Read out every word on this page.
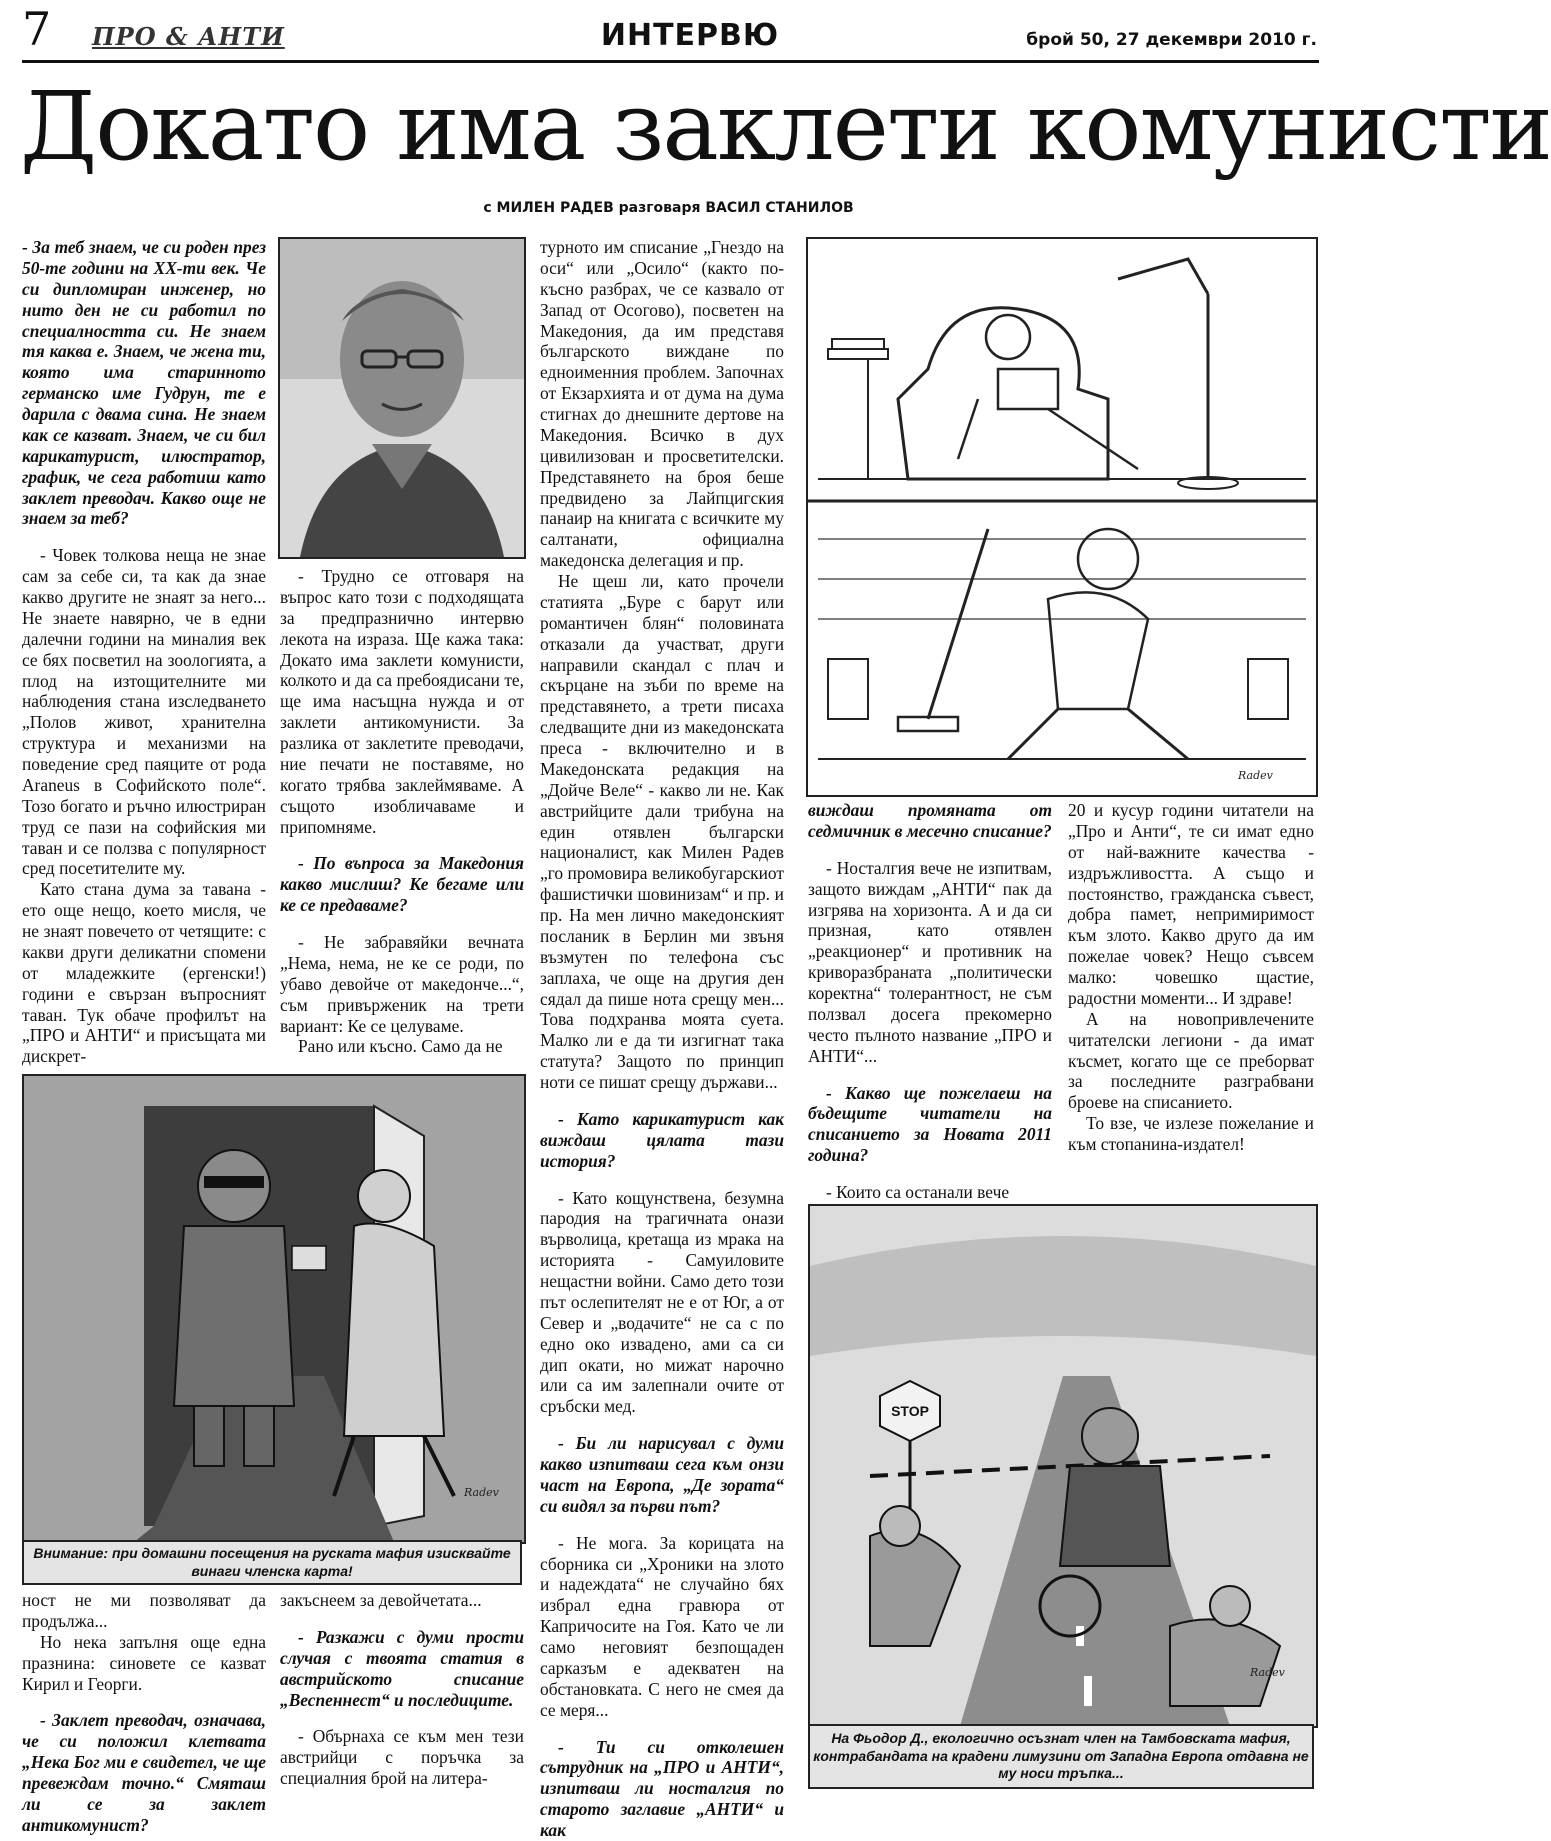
7 ПРО & АНТИ	ИНТЕРВЮ	брой 50, 27 декември 2010 г.
Докато има заклети комунисти
с МИЛЕН РАДЕВ разговаря ВАСИЛ СТАНИЛОВ

- За теб знаем, че си роден през 50-те години на XX-ти век. Че си дипломиран инженер, но нито ден не си работил по специалността си. Не знаем тя каква е. Знаем, че жена ти, която има старинното германско име Гудрун, те е дарила с двама сина. Не знаем как се казват. Знаем, че си бил карикатурист, илюстратор, график, че сега работиш като заклет преводач. Какво още не знаем за теб?

- Човек толкова неща не знае сам за себе си, та как да знае какво другите не знаят за него... Не знаете навярно, че в едни далечни години на миналия век се бях посветил на зоологията, а плод на изтощителните ми наблюдения стана изследването „Полов живот, хранителна структура и механизми на поведение сред паяците от рода Araneus в Софийското поле“. Тозо богато и ръчно илюстриран труд се пази на софийския ми таван и се ползва с популярност сред посетителите му.

Като стана дума за тавана - ето още нещо, което мисля, че не знаят повечето от четящите: с какви други деликатни спомени от младежките (ергенски!) години е свързан въпросният таван. Тук обаче профилът на „ПРО и АНТИ“ и присъщата ми дискрет-

- Трудно се отговаря на въпрос като този с подходящата за предпразнично интервю лекота на израза. Ще кажа така: Докато има заклети комунисти, колкото и да са пребоядисани те, ще има насъщна нужда и от заклети антикомунисти. За разлика от заклетите преводачи, ние печати не поставяме, но когато трябва заклеймяваме. А същото изобличаваме и припомняме.

- По въпроса за Македония какво мислиш? Ке бегаме или ке се предаваме?

- Не забравяйки вечната „Нема, нема, не ке се роди, по убаво девойче от македонче...“, съм привърженик на трети вариант: Ке се целуваме.

Рано или късно. Само да не

турното им списание „Гнездо на оси“ или „Осило“ (както по-късно разбрах, че се казвало от Запад от Осогово), посветен на Македония, да им представя българското виждане по едноименния проблем. Започнах от Екзархията и от дума на дума стигнах до днешните дертове на Македония. Всичко в дух цивилизован и просветителски. Представянето на броя беше предвидено за Лайпцигския панаир на книгата с всичките му салтанати, официална македонска делегация и пр.

Не щеш ли, като прочели статията „Буре с барут или романтичен блян“ половината отказали да участват, други направили скандал с плач и скърцане на зъби по време на представянето, а трети писаха следващите дни из македонската преса - включително и в Македонската редакция на „Дойче Веле“ - какво ли не. Как австрийците дали трибуна на един отявлен български националист, как Милен Радев „го промовира великобугарскиот фашистички шовинизам“ и пр. и пр. На мен лично македонският посланик в Берлин ми звъня възмутен по телефона със заплаха, че още на другия ден сядал да пише нота срещу мен... Това подхранва моята суета. Малко ли е да ти изгигнат така статута? Защото по принцип ноти се пишат срещу държави...

- Като карикатурист как виждаш цялата тази история?

- Като кощунствена, безумна пародия на трагичната онази върволица, кретаща из мрака на историята - Самуиловите нещастни войни. Само дето този път ослепителят не е от Юг, а от Север и „водачите“ не са с по едно око извадено, ами са си дип окати, но мижат нарочно или са им залепнали очите от сръбски мед.

- Би ли нарисувал с думи какво изпитваш сега към онзи част на Европа, „Де зората“ си видял за първи път?

- Не мога. За корицата на сборника си „Хроники на злото и надеждата“ не случайно бях избрал една гравюра от Капричосите на Гоя. Като че ли само неговият безпощаден сарказъм е адекватен на обстановката. С него не смея да се меря...

- Ти си отколешен сътрудник на „ПРО и АНТИ“, изпитваш ли носталгия по старото заглавие „АНТИ“ и как

Radev

виждаш промяната от седмичник в месечно списание?

- Носталгия вече не изпитвам, защото виждам „АНТИ“ пак да изгрява на хоризонта. А и да си призная, като отявлен „реакционер“ и противник на криворазбраната „политически коректна“ толерантност, не съм ползвал досега прекомерно често пълното название „ПРО и АНТИ“...

- Какво ще пожелаеш на бъдещите читатели на списанието за Новата 2011 година?

- Които са останали вече

20 и кусур години читатели на „Про и Анти“, те си имат едно от най-важните качества - издръжливостта. А също и постоянство, гражданска съвест, добра памет, непримиримост към злото. Какво друго да им пожелае човек? Нещо съвсем малко: човешко щастие, радостни моменти... И здраве!

А на новопривлечените читателски легиони - да имат късмет, когато ще се преборват за последните разграбвани броеве на списанието.

То взе, че излезе пожелание и към стопанина-издател!

Radev
Внимание: при домашни посещения на руската мафия изисквайте винаги членска карта!

ност не ми позволяват да продължа...

Но нека запълня още една празнина: синовете се казват Кирил и Георги.

- Заклет преводач, означава, че си положил клетвата „Нека Бог ми е свидетел, че ще превеждам точно.“ Смяташ ли се за заклет антикомунист?

закъснеем за девойчетата...

- Разкажи с думи прости случая с твоята статия в австрийското списание „Веспеннест“ и последиците.

- Обърнаха се към мен тези австрийци с поръчка за специалния брой на литера-

STOP
Radev
На Фьодор Д., екологично осъзнат член на Тамбовската мафия, контрабандата на крадени лимузини от Западна Европа отдавна не му носи тръпка...
